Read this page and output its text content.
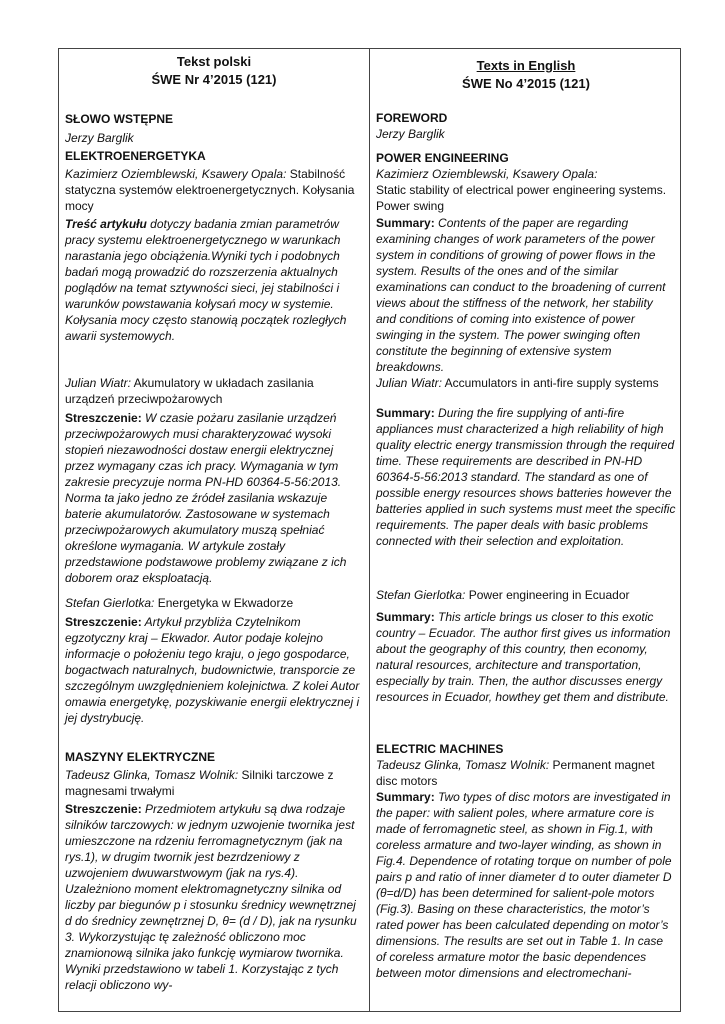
Tekst polski
ŚWE Nr 4’2015 (121)
SŁOWO WSTĘPNE
Jerzy Barglik
ELEKTROENERGETYKA
Kazimierz Oziemblewski, Ksawery Opala: Stabilność statyczna systemów elektroenergetycznych. Kołysania mocy
Treść artykułu dotyczy badania zmian parametrów pracy systemu elektroenergetycznego w warunkach narastania jego obciążenia.Wyniki tych i podobnych badań mogą prowadzić do rozszerzenia aktualnych poglądów na temat sztywności sieci, jej stabilności i warunków powstawania kołysań mocy w systemie. Kołysania mocy często stanowią początek rozległych awarii systemowych.
Julian Wiatr: Akumulatory w układach zasilania urządzeń przeciwpożarowych
Streszczenie: W czasie pożaru zasilanie urządzeń przeciwpożarowych musi charakteryzować wysoki stopień niezawodności dostaw energii elektrycznej przez wymagany czas ich pracy. Wymagania w tym zakresie precyzuje norma PN-HD 60364-5-56:2013. Norma ta jako jedno ze źródeł zasilania wskazuje baterie akumulatorów. Zastosowane w systemach przeciwpożarowych akumulatory muszą spełniać określone wymagania. W artykule zostały przedstawione podstawowe problemy związane z ich doborem oraz eksploatacją.
Stefan Gierlotka: Energetyka w Ekwadorze
Streszczenie: Artykuł przybliża Czytelnikom egzotyczny kraj – Ekwador. Autor podaje kolejno informacje o położeniu tego kraju, o jego gospodarce, bogactwach naturalnych, budownictwie, transporcie ze szczególnym uwzględnieniem kolejnictwa. Z kolei Autor omawia energetykę, pozyskiwanie energii elektrycznej i jej dystrybucję.
MASZYNY ELEKTRYCZNE
Tadeusz Glinka, Tomasz Wolnik: Silniki tarczowe z magnesami trwałymi
Streszczenie: Przedmiotem artykułu są dwa rodzaje silników tarczowych: w jednym uzwojenie twornika jest umieszczone na rdzeniu ferromagnetycznym (jak na rys.1), w drugim twornik jest bezrdzeniowy z uzwojeniem dwuwarstwowym (jak na rys.4). Uzależniono moment elektromagnetyczny silnika od liczby par biegunów p i stosunku średnicy wewnętrznej d do średnicy zewnętrznej D, θ= (d / D), jak na rysunku 3. Wykorzystując tę zależność obliczono moc znamionową silnika jako funkcję wymiarow twornika. Wyniki przedstawiono w tabeli 1. Korzystając z tych relacji obliczono wy-
Texts in English
ŚWE No 4’2015 (121)
FOREWORD
Jerzy Barglik
POWER ENGINEERING
Kazimierz Oziemblewski, Ksawery Opala:
Static stability of electrical power engineering systems. Power swing
Summary: Contents of the paper are regarding examining changes of work parameters of the power system in conditions of growing of power flows in the system. Results of the ones and of the similar examinations can conduct to the broadening of current views about the stiffness of the network, her stability and conditions of coming into existence of power swinging in the system. The power swinging often constitute the beginning of extensive system breakdowns.
Julian Wiatr: Accumulators in anti-fire supply systems
Summary: During the fire supplying of anti-fire appliances must characterized a high reliability of high quality electric energy transmission through the required time. These requirements are described in PN-HD 60364-5-56:2013 standard. The standard as one of possible energy resources shows batteries however the batteries applied in such systems must meet the specific requirements. The paper deals with basic problems connected with their selection and exploitation.
Stefan Gierlotka: Power engineering in Ecuador
Summary: This article brings us closer to this exotic country – Ecuador. The author first gives us information about the geography of this country, then economy, natural resources, architecture and transportation, especially by train. Then, the author discusses energy resources in Ecuador, howthey get them and distribute.
ELECTRIC MACHINES
Tadeusz Glinka, Tomasz Wolnik: Permanent magnet disc motors
Summary: Two types of disc motors are investigated in the paper: with salient poles, where armature core is made of ferromagnetic steel, as shown in Fig.1, with coreless armature and two-layer winding, as shown in Fig.4. Dependence of rotating torque on number of pole pairs p and ratio of inner diameter d to outer diameter D (θ=d/D) has been determined for salient-pole motors (Fig.3). Basing on these characteristics, the motor’s rated power has been calculated depending on motor’s dimensions. The results are set out in Table 1. In case of coreless armature motor the basic dependences between motor dimensions and electromechani-
